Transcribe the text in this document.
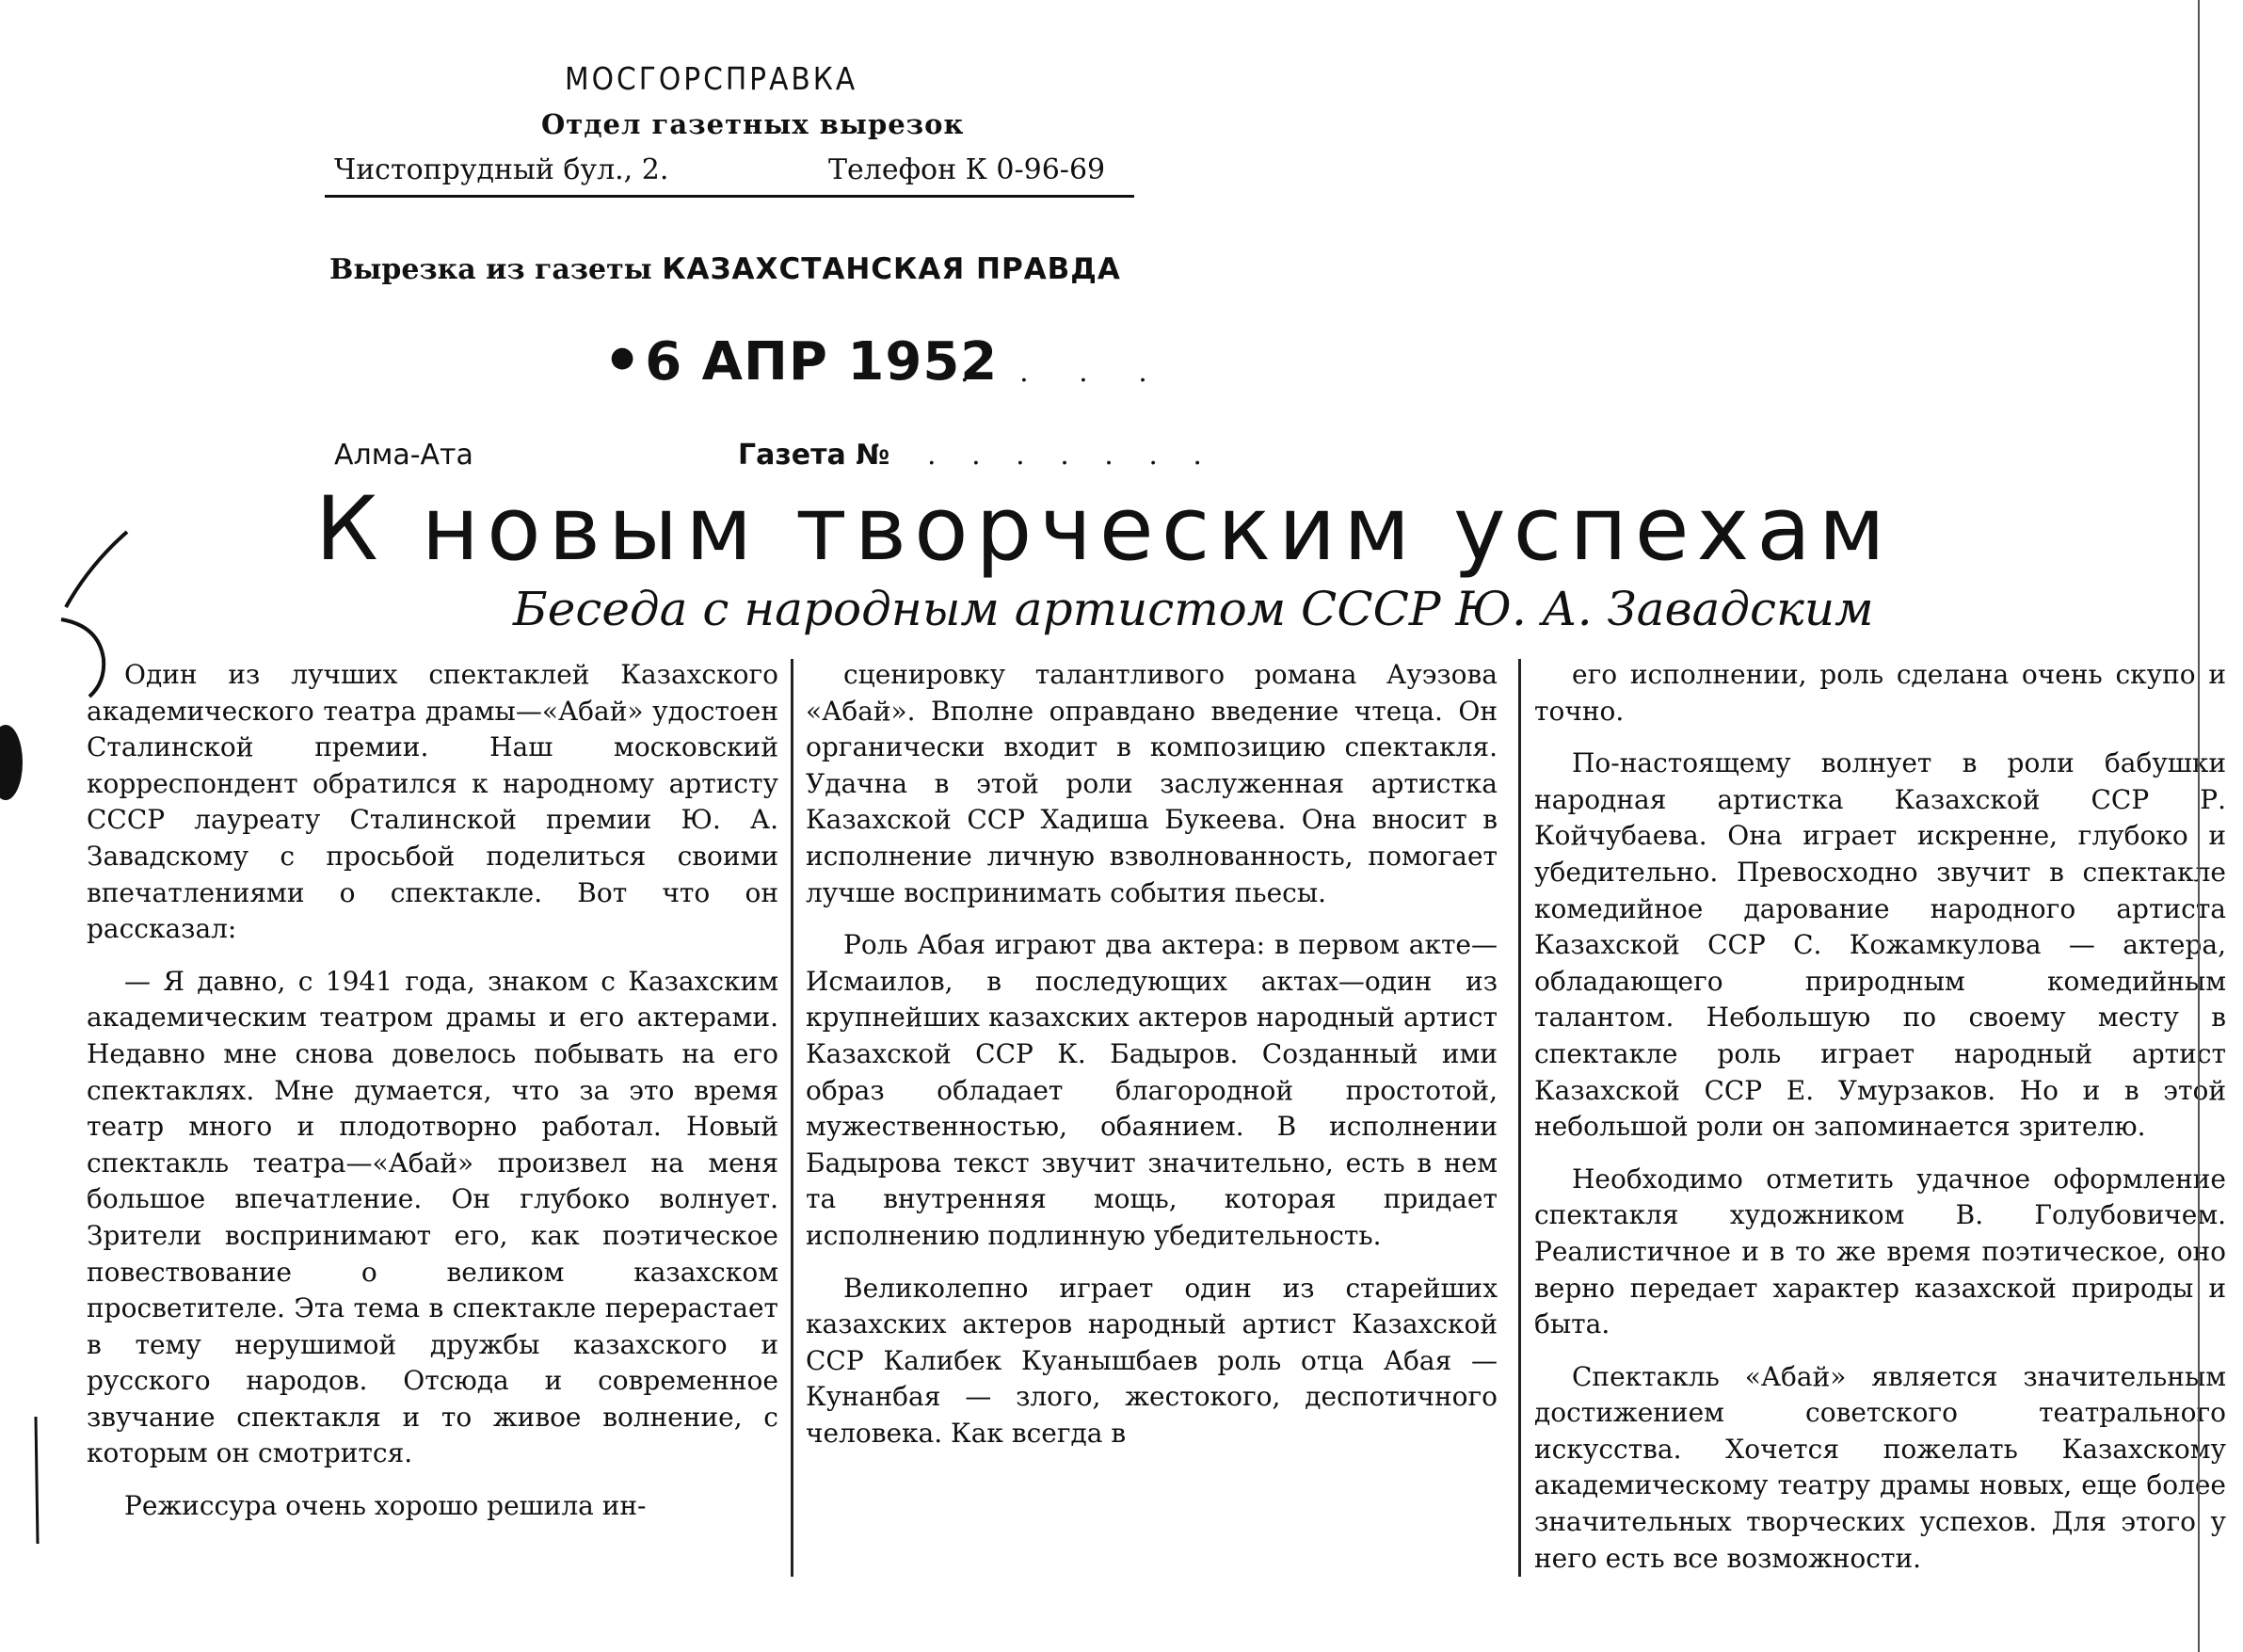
МОСГОРСПРАВКА
Отдел газетных вырезок
Чистопрудный бул., 2.	Телефон К 0-96-69
Вырезка из газеты КАЗАХСТАНСКАЯ ПРАВДА
● 6 АПР 1952
. . . .
Алма-Ата	Газета № . . . . . . .
К новым творческим успехам
Беседа с народным артистом СССР Ю. А. Завадским

Один из лучших спектаклей Казахского академического театра драмы—«Абай» удостоен Сталинской премии. Наш московский корреспондент обратился к народному артисту СССР лауреату Сталинской премии Ю. А. Завадскому с просьбой поделиться своими впечатлениями о спектакле. Вот что он рассказал:

— Я давно, с 1941 года, знаком с Казахским академическим театром драмы и его актерами. Недавно мне снова довелось побывать на его спектаклях. Мне думается, что за это время театр много и плодотворно работал. Новый спектакль театра—«Абай» произвел на меня большое впечатление. Он глубоко волнует. Зрители воспринимают его, как поэтическое повествование о великом казахском просветителе. Эта тема в спектакле перерастает в тему нерушимой дружбы казахского и русского народов. Отсюда и современное звучание спектакля и то живое волнение, с которым он смотрится.

Режиссура очень хорошо решила ин-

сценировку талантливого романа Ауэзова «Абай». Вполне оправдано введение чтеца. Он органически входит в композицию спектакля. Удачна в этой роли заслуженная артистка Казахской ССР Хадиша Букеева. Она вносит в исполнение личную взволнованность, помогает лучше воспринимать события пьесы.

Роль Абая играют два актера: в первом акте—Исмаилов, в последующих актах—один из крупнейших казахских актеров народный артист Казахской ССР К. Бадыров. Созданный ими образ обладает благородной простотой, мужественностью, обаянием. В исполнении Бадырова текст звучит значительно, есть в нем та внутренняя мощь, которая придает исполнению подлинную убедительность.

Великолепно играет один из старейших казахских актеров народный артист Казахской ССР Калибек Куанышбаев роль отца Абая — Кунанбая — злого, жестокого, деспотичного человека. Как всегда в

его исполнении, роль сделана очень скупо и точно.

По-настоящему волнует в роли бабушки народная артистка Казахской ССР Р. Койчубаева. Она играет искренне, глубоко и убедительно. Превосходно звучит в спектакле комедийное дарование народного артиста Казахской ССР С. Кожамкулова — актера, обладающего природным комедийным талантом. Небольшую по своему месту в спектакле роль играет народный артист Казахской ССР Е. Умурзаков. Но и в этой небольшой роли он запоминается зрителю.

Необходимо отметить удачное оформление спектакля художником В. Голубовичем. Реалистичное и в то же время поэтическое, оно верно передает характер казахской природы и быта.

Спектакль «Абай» является значительным достижением советского театрального искусства. Хочется пожелать Казахскому академическому театру драмы новых, еще более значительных творческих успехов. Для этого у него есть все возможности.
